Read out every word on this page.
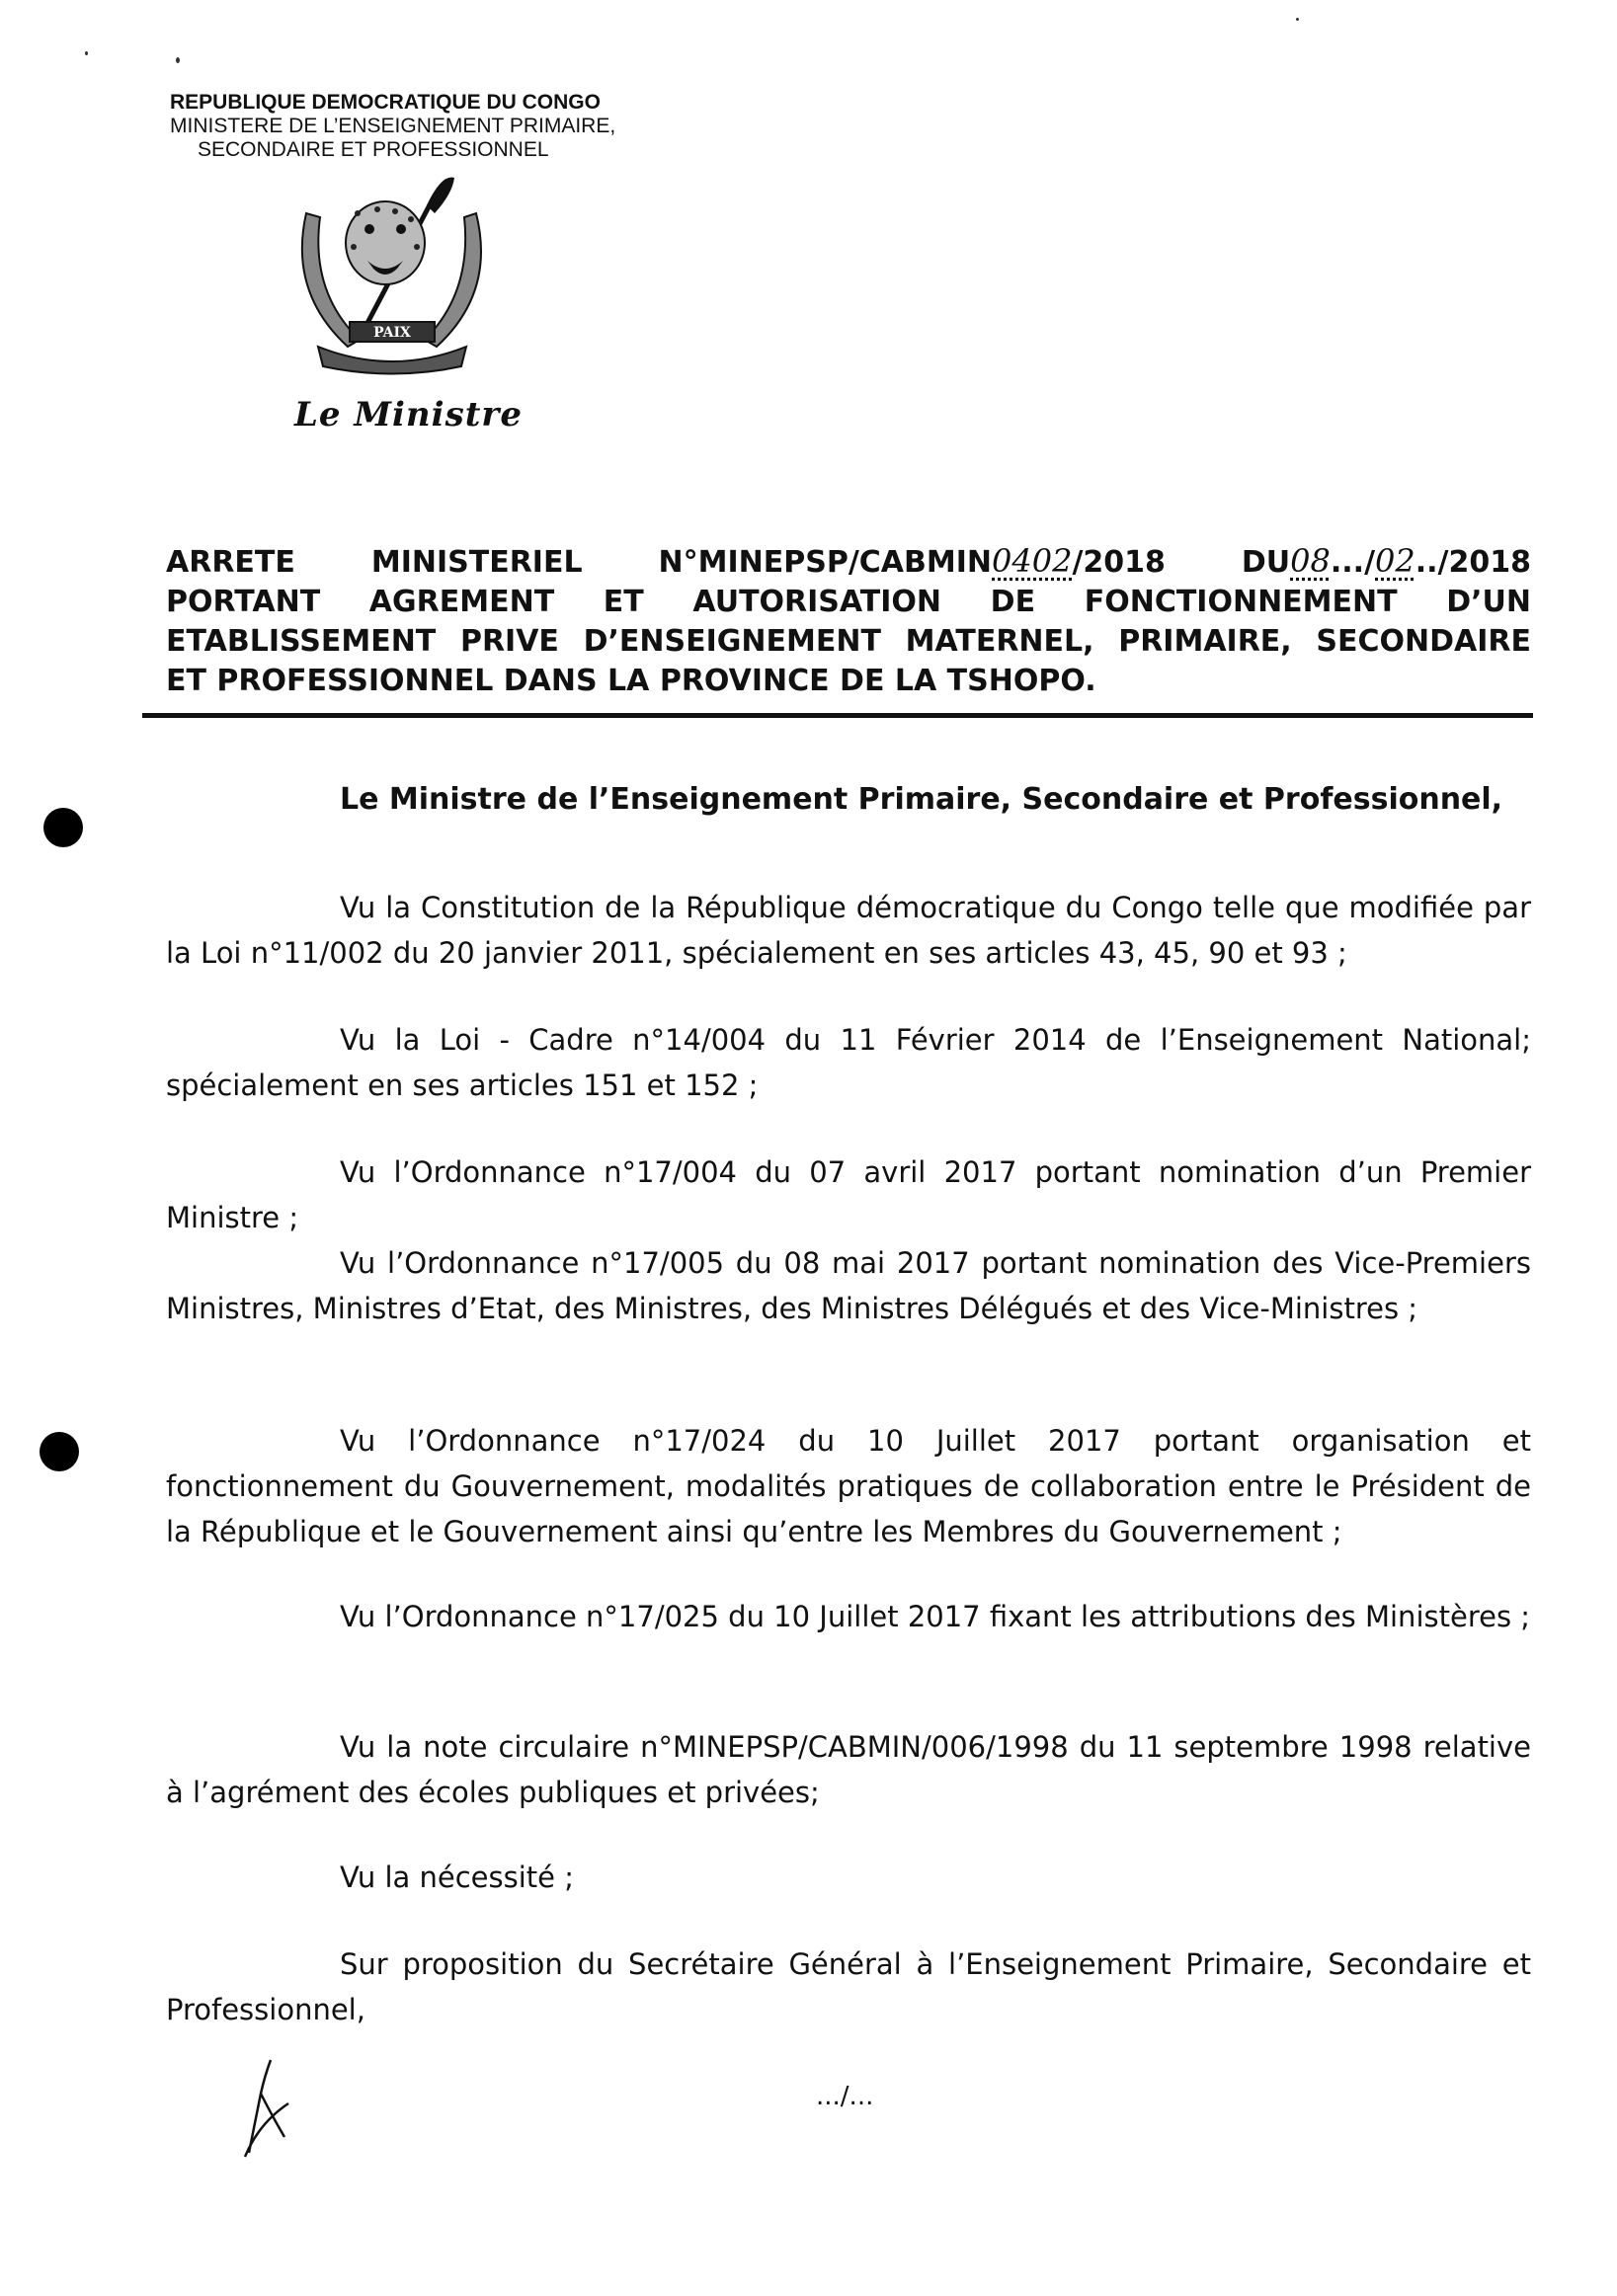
REPUBLIQUE DEMOCRATIQUE DU CONGO
MINISTERE DE L’ENSEIGNEMENT PRIMAIRE,
SECONDAIRE ET PROFESSIONNEL
PAIX
Le Ministre
ARRETE MINISTERIEL N°MINEPSP/CABMIN0402/2018 DU08.../02../2018
PORTANT AGREMENT ET AUTORISATION DE FONCTIONNEMENT D’UN
ETABLISSEMENT PRIVE D’ENSEIGNEMENT MATERNEL, PRIMAIRE, SECONDAIRE
ET PROFESSIONNEL DANS LA PROVINCE DE LA TSHOPO.
Le Ministre de l’Enseignement Primaire, Secondaire et Professionnel,

Vu la Constitution de la République démocratique du Congo telle que modifiée par la Loi n°11/002 du 20 janvier 2011, spécialement en ses articles 43, 45, 90 et 93 ;

Vu la Loi - Cadre n°14/004 du 11 Février 2014 de l’Enseignement National; spécialement en ses articles 151 et 152 ;

Vu l’Ordonnance n°17/004 du 07 avril 2017 portant nomination d’un Premier Ministre ;

Vu l’Ordonnance n°17/005 du 08 mai 2017 portant nomination des Vice-Premiers Ministres, Ministres d’Etat, des Ministres, des Ministres Délégués et des Vice-Ministres ;

Vu l’Ordonnance n°17/024 du 10 Juillet 2017 portant organisation et fonctionnement du Gouvernement, modalités pratiques de collaboration entre le Président de la République et le Gouvernement ainsi qu’entre les Membres du Gouvernement ;

Vu l’Ordonnance n°17/025 du 10 Juillet 2017 fixant les attributions des Ministères ;

Vu la note circulaire n°MINEPSP/CABMIN/006/1998 du 11 septembre 1998 relative à l’agrément des écoles publiques et privées;

Vu la nécessité ;

Sur proposition du Secrétaire Général à l’Enseignement Primaire, Secondaire et Professionnel,

.../...
